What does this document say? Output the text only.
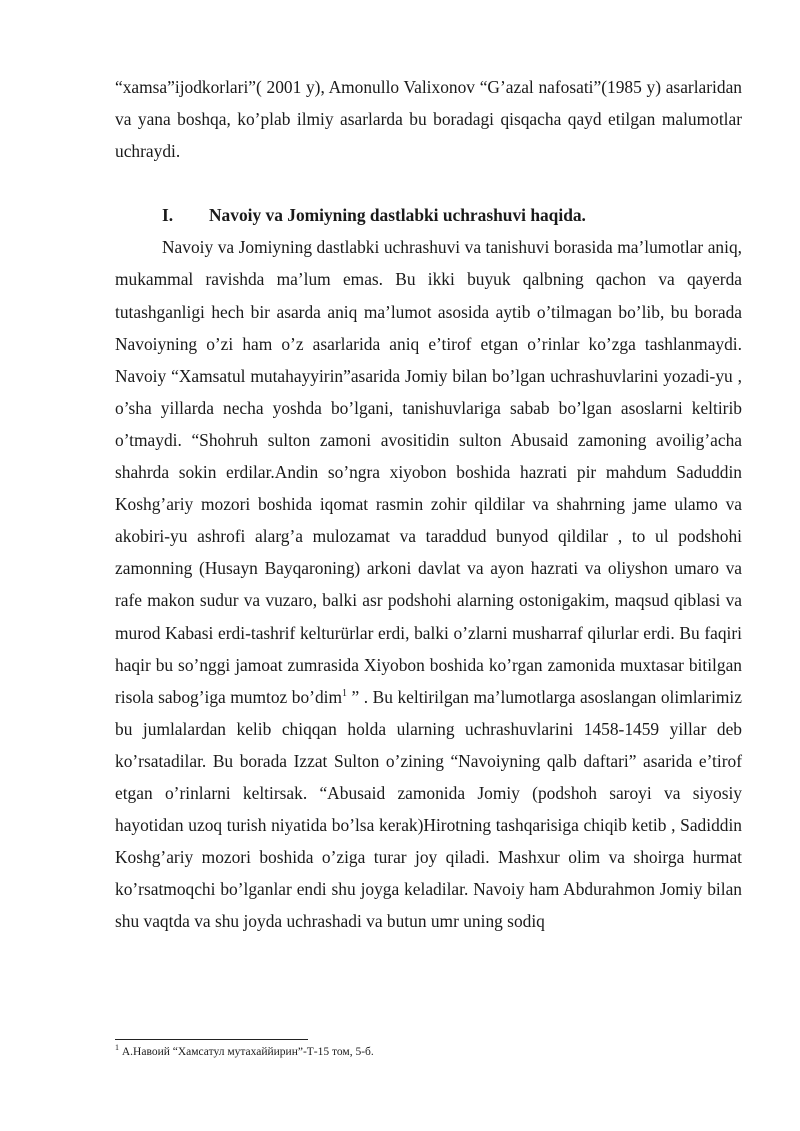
“xamsa”ijodkorlari”( 2001 y), Amonullo Valixonov “G’azal nafosati”(1985 y) asarlaridan va yana boshqa, ko’plab ilmiy asarlarda bu boradagi qisqacha qayd etilgan malumotlar uchraydi.

I. Navoiy va Jomiyning dastlabki uchrashuvi haqida.

Navoiy va Jomiyning dastlabki uchrashuvi va tanishuvi borasida ma’lumotlar aniq, mukammal ravishda ma’lum emas. Bu ikki buyuk qalbning qachon va qayerda tutashganligi hech bir asarda aniq ma’lumot asosida aytib o’tilmagan bo’lib, bu borada Navoiyning o’zi ham o’z asarlarida aniq e’tirof etgan o’rinlar ko’zga tashlanmaydi. Navoiy “Xamsatul mutahayyirin”asarida Jomiy bilan bo’lgan uchrashuvlarini yozadi-yu , o’sha yillarda necha yoshda bo’lgani, tanishuvlariga sabab bo’lgan asoslarni keltirib o’tmaydi. “Shohruh sulton zamoni avositidin sulton Abusaid zamoning avoilig’acha shahrda sokin erdilar.Andin so’ngra xiyobon boshida hazrati pir mahdum Saduddin Koshg’ariy mozori boshida iqomat rasmin zohir qildilar va shahrning jame ulamo va akobiri-yu ashrofi alarg’a mulozamat va taraddud bunyod qildilar , to ul podshohi zamonning (Husayn Bayqaroning) arkoni davlat va ayon hazrati va oliyshon umaro va rafe makon sudur va vuzaro, balki asr podshohi alarning ostonigakim, maqsud qiblasi va murod Kabasi erdi-tashrif kelturürlar erdi, balki o’zlarni musharraf qilurlar erdi. Bu faqiri haqir bu so’nggi jamoat zumrasida Xiyobon boshida ko’rgan zamonida muxtasar bitilgan risola sabog’iga mumtoz bo’dim$^1$ ” . Bu keltirilgan ma’lumotlarga asoslangan olimlarimiz bu jumlalardan kelib chiqqan holda ularning uchrashuvlarini 1458-1459 yillar deb ko’rsatadilar. Bu borada Izzat Sulton o’zining “Navoiyning qalb daftari” asarida e’tirof etgan o’rinlarni keltirsak. “Abusaid zamonida Jomiy (podshoh saroyi va siyosiy hayotidan uzoq turish niyatida bo’lsa kerak)Hirotning tashqarisiga chiqib ketib , Sadiddin Koshg’ariy mozori boshida o’ziga turar joy qiladi. Mashxur olim va shoirga hurmat ko’rsatmoqchi bo’lganlar endi shu joyga keladilar. Navoiy ham Abdurahmon Jomiy bilan shu vaqtda va shu joyda uchrashadi va butun umr uning sodiq

$^1$ А.Навоий “Хамсатул мутахаййирин”-Т-15 том, 5-б.
